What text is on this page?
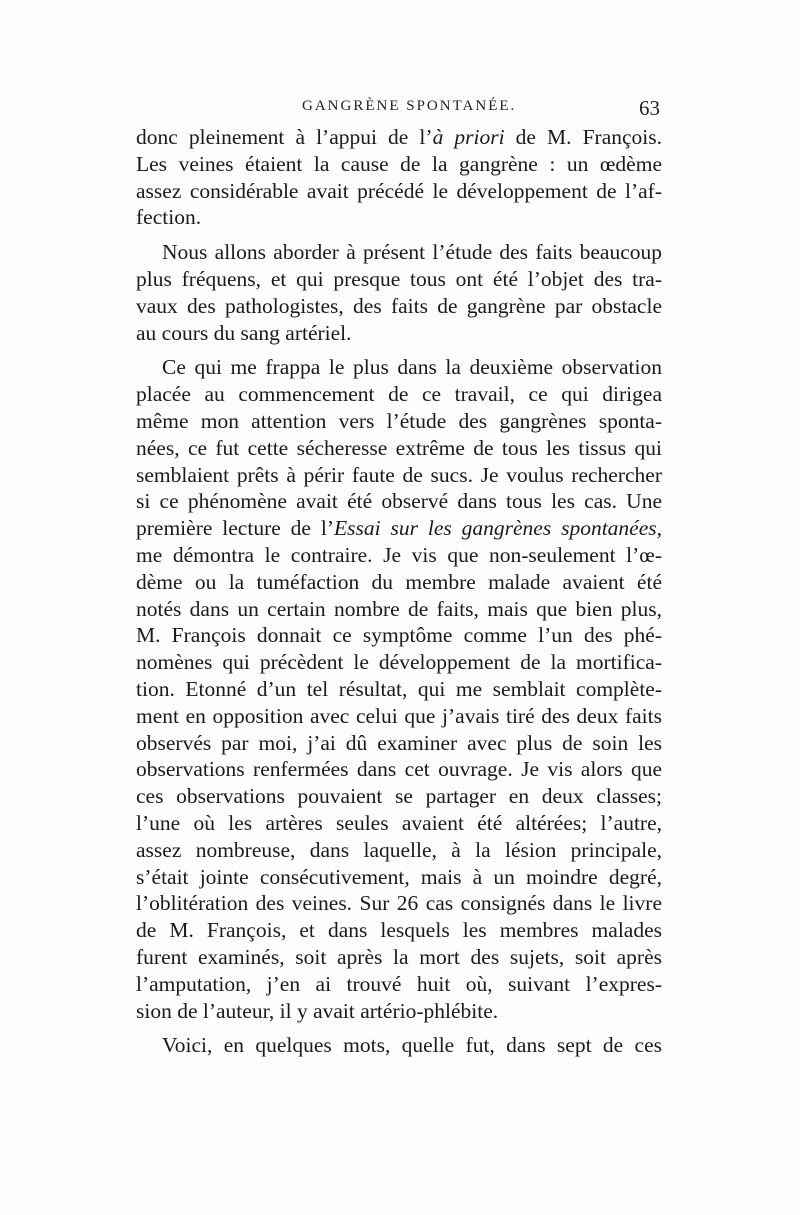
GANGRÈNE SPONTANÉE.	63
donc pleinement à l’appui de l’à priori de M. François.
Les veines étaient la cause de la gangrène : un œdème
assez considérable avait précédé le développement de l’af-
fection.
Nous allons aborder à présent l’étude des faits beaucoup
plus fréquens, et qui presque tous ont été l’objet des tra-
vaux des pathologistes, des faits de gangrène par obstacle
au cours du sang artériel.
Ce qui me frappa le plus dans la deuxième observation
placée au commencement de ce travail, ce qui dirigea
même mon attention vers l’étude des gangrènes sponta-
nées, ce fut cette sécheresse extrême de tous les tissus qui
semblaient prêts à périr faute de sucs. Je voulus rechercher
si ce phénomène avait été observé dans tous les cas. Une
première lecture de l’Essai sur les gangrènes spontanées,
me démontra le contraire. Je vis que non-seulement l’œ-
dème ou la tuméfaction du membre malade avaient été
notés dans un certain nombre de faits, mais que bien plus,
M. François donnait ce symptôme comme l’un des phé-
nomènes qui précèdent le développement de la mortifica-
tion. Etonné d’un tel résultat, qui me semblait complète-
ment en opposition avec celui que j’avais tiré des deux faits
observés par moi, j’ai dû examiner avec plus de soin les
observations renfermées dans cet ouvrage. Je vis alors que
ces observations pouvaient se partager en deux classes;
l’une où les artères seules avaient été altérées; l’autre,
assez nombreuse, dans laquelle, à la lésion principale,
s’était jointe consécutivement, mais à un moindre degré,
l’oblitération des veines. Sur 26 cas consignés dans le livre
de M. François, et dans lesquels les membres malades
furent examinés, soit après la mort des sujets, soit après
l’amputation, j’en ai trouvé huit où, suivant l’expres-
sion de l’auteur, il y avait artério-phlébite.
Voici, en quelques mots, quelle fut, dans sept de ces
